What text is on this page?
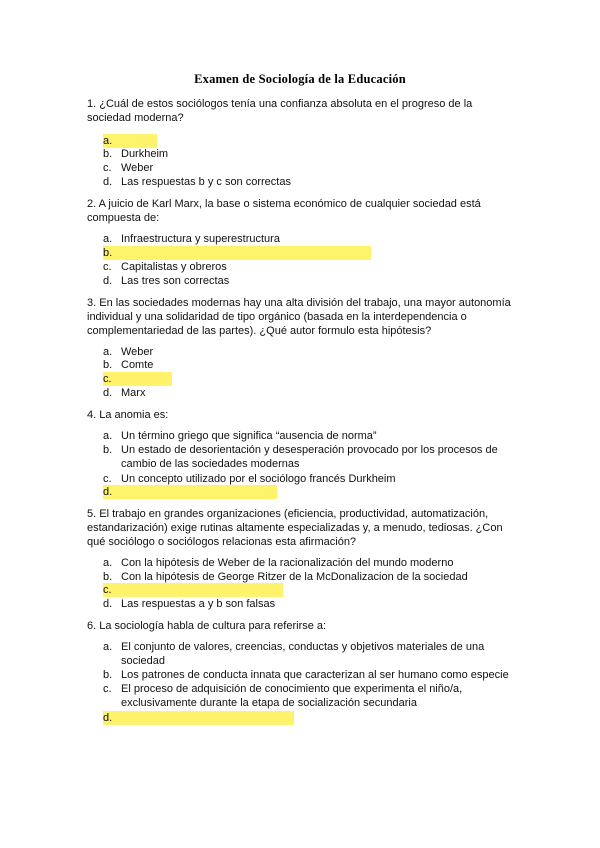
Examen de Sociología de la Educación
1. ¿Cuál de estos sociólogos tenía una confianza absoluta en el progreso de la sociedad moderna?
a.
b. Durkheim
c. Weber
d. Las respuestas b y c son correctas
2. A juicio de Karl Marx, la base o sistema económico de cualquier sociedad está compuesta de:
a. Infraestructura y superestructura
b.
c. Capitalistas y obreros
d. Las tres son correctas
3. En las sociedades modernas hay una alta división del trabajo, una mayor autonomía individual y una solidaridad de tipo orgánico (basada en la interdependencia o complementariedad de las partes). ¿Qué autor formulo esta hipótesis?
a. Weber
b. Comte
c.
d. Marx
4. La anomia es:
a. Un término griego que significa “ausencia de norma”
b. Un estado de desorientación y desesperación provocado por los procesos de cambio de las sociedades modernas
c. Un concepto utilizado por el sociólogo francés Durkheim
d.
5. El trabajo en grandes organizaciones (eficiencia, productividad, automatización, estandarización) exige rutinas altamente especializadas y, a menudo, tediosas. ¿Con qué sociólogo o sociólogos relacionas esta afirmación?
a. Con la hipótesis de Weber de la racionalización del mundo moderno
b. Con la hipótesis de George Ritzer de la McDonalizacion de la sociedad
c.
d. Las respuestas a y b son falsas
6. La sociología habla de cultura para referirse a:
a. El conjunto de valores, creencias, conductas y objetivos materiales de una sociedad
b. Los patrones de conducta innata que caracterizan al ser humano como especie
c. El proceso de adquisición de conocimiento que experimenta el niño/a, exclusivamente durante la etapa de socialización secundaria
d.
